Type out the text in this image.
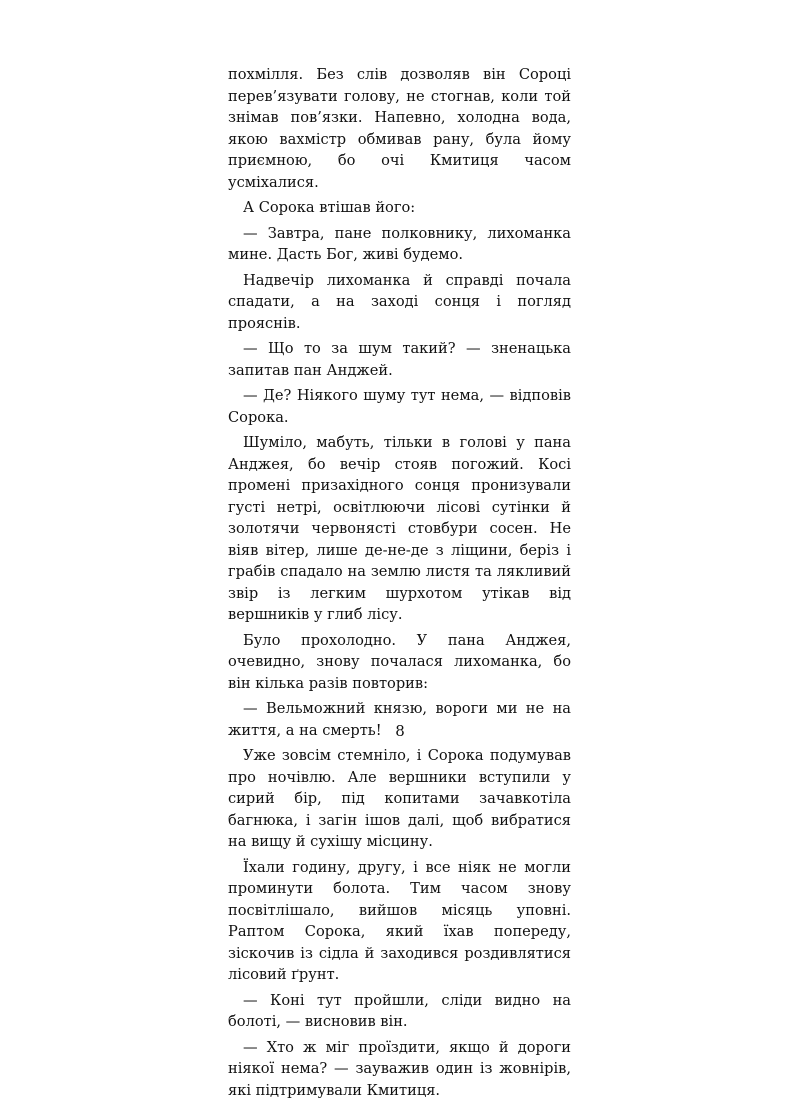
похмілля. Без слів дозволяв він Сороці перев’язувати голову, не стогнав, коли той знімав пов’язки. Напевно, холодна вода, якою вахмістр обмивав рану, була йому приємною, бо очі Кмитиця часом усміхалися.

А Сорока втішав його:

— Завтра, пане полковнику, лихоманка мине. Дасть Бог, живі будемо.

Надвечір лихоманка й справді почала спадати, а на заході сонця і погляд прояснів.

— Що то за шум такий? — зненацька запитав пан Анджей.

— Де? Ніякого шуму тут нема, — відповів Сорока.

Шуміло, мабуть, тільки в голові у пана Анджея, бо вечір стояв погожий. Косі промені призахідного сонця пронизували густі нетрі, освітлюючи лісові сутінки й золотячи червонясті стовбури сосен. Не віяв вітер, лише де-не-де з ліщини, беріз і грабів спадало на землю листя та лякливий звір із легким шурхотом утікав від вершників у глиб лісу.

Було прохолодно. У пана Анджея, очевидно, знову почалася лихоманка, бо він кілька разів повторив:

— Вельможний князю, вороги ми не на життя, а на смерть!

Уже зовсім стемніло, і Сорока подумував про ночівлю. Але вершники вступили у сирий бір, під копитами зачавкотіла багнюка, і загін ішов далі, щоб вибратися на вищу й сухішу місцину.

Їхали годину, другу, і все ніяк не могли проминути болота. Тим часом знову посвітлішало, вийшов місяць уповні. Раптом Сорока, який їхав попереду, зіскочив із сідла й заходився роздивлятися лісовий ґрунт.

— Коні тут пройшли, сліди видно на болоті, — висновив він.

— Хто ж міг проїздити, якщо й дороги ніякої нема? — зауважив один із жовнірів, які підтримували Кмитиця.

8
